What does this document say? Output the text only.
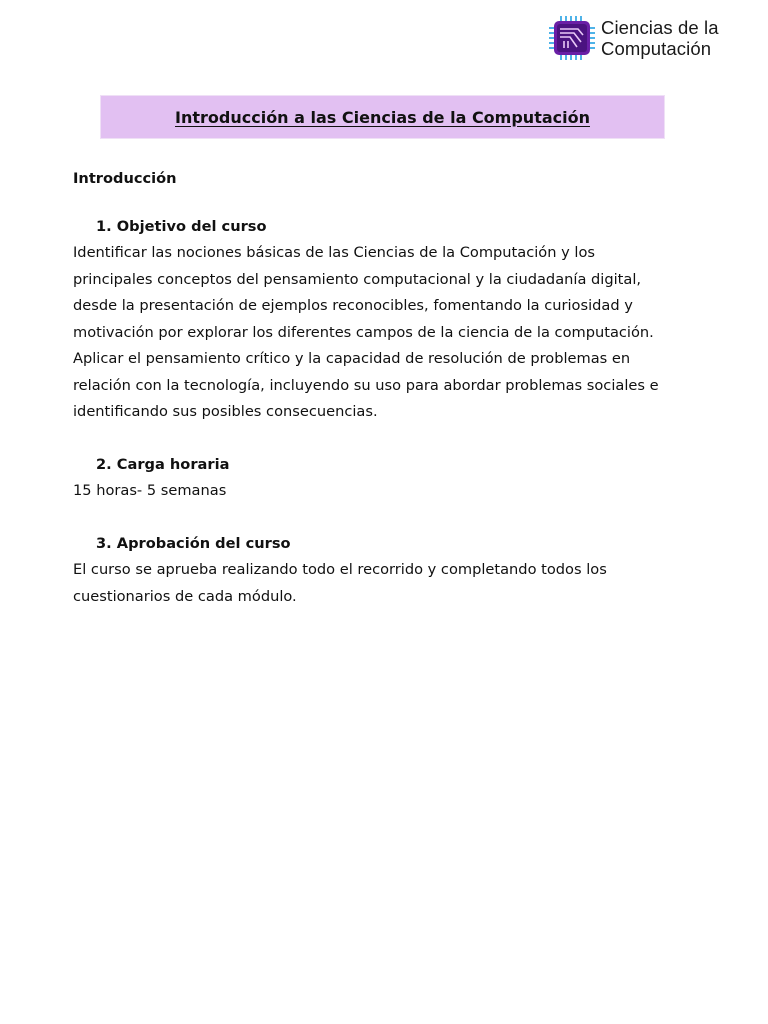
Ciencias de la
Computación
Introducción a las Ciencias de la Computación

Introducción

1. Objetivo del curso

Identificar las nociones básicas de las Ciencias de la Computación y los
principales conceptos del pensamiento computacional y la ciudadanía digital,
desde la presentación de ejemplos reconocibles, fomentando la curiosidad y
motivación por explorar los diferentes campos de la ciencia de la computación.
Aplicar el pensamiento crítico y la capacidad de resolución de problemas en
relación con la tecnología, incluyendo su uso para abordar problemas sociales e
identificando sus posibles consecuencias.

2. Carga horaria

15 horas- 5 semanas

3. Aprobación del curso

El curso se aprueba realizando todo el recorrido y completando todos los
cuestionarios de cada módulo.
